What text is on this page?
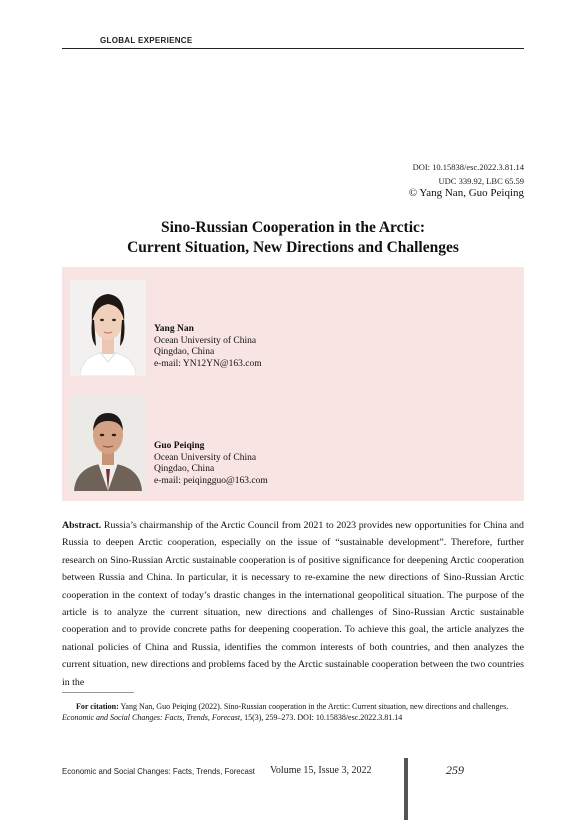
GLOBAL EXPERIENCE
DOI: 10.15838/esc.2022.3.81.14
UDC 339.92, LBC 65.59
© Yang Nan, Guo Peiqing
Sino-Russian Cooperation in the Arctic:
Current Situation, New Directions and Challenges
Yang Nan
Ocean University of China
Qingdao, China
e-mail: YN12YN@163.com
Guo Peiqing
Ocean University of China
Qingdao, China
e-mail: peiqingguo@163.com
Abstract. Russia’s chairmanship of the Arctic Council from 2021 to 2023 provides new opportunities for China and Russia to deepen Arctic cooperation, especially on the issue of “sustainable development”. Therefore, further research on Sino-Russian Arctic sustainable cooperation is of positive significance for deepening Arctic cooperation between Russia and China. In particular, it is necessary to re-examine the new directions of Sino-Russian Arctic cooperation in the context of today’s drastic changes in the international geopolitical situation. The purpose of the article is to analyze the current situation, new directions and challenges of Sino-Russian Arctic sustainable cooperation and to provide concrete paths for deepening cooperation. To achieve this goal, the article analyzes the national policies of China and Russia, identifies the common interests of both countries, and then analyzes the current situation, new directions and problems faced by the Arctic sustainable cooperation between the two countries in the
For citation: Yang Nan, Guo Peiqing (2022). Sino-Russian cooperation in the Arctic: Current situation, new directions and challenges. Economic and Social Changes: Facts, Trends, Forecast, 15(3), 259–273. DOI: 10.15838/esc.2022.3.81.14
Economic and Social Changes: Facts, Trends, Forecast Volume 15, Issue 3, 2022	259
